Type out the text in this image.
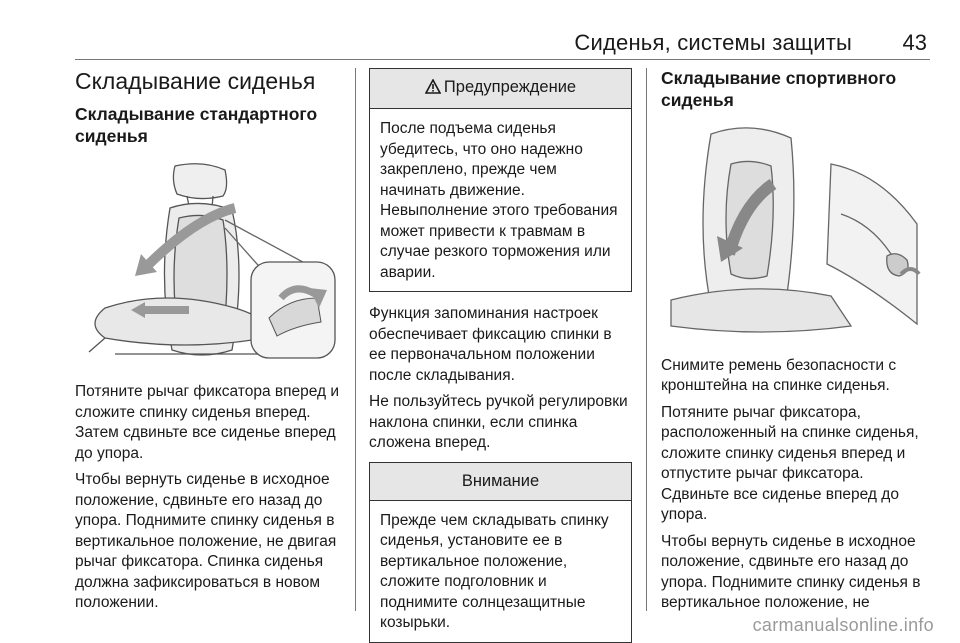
Сиденья, системы защиты 43
Складывание сиденья
Складывание стандартного сиденья

Потяните рычаг фиксатора вперед и сложите спинку сиденья вперед. Затем сдвиньте все сиденье вперед до упора.

Чтобы вернуть сиденье в исходное положение, сдвиньте его назад до упора. Поднимите спинку сиденья в вертикальное положение, не двигая рычаг фиксатора. Спинка сиденья должна зафиксироваться в новом положении.

Предупреждение
После подъема сиденья убедитесь, что оно надежно закреплено, прежде чем начинать движение. Невыполнение этого требования может привести к травмам в случае резкого торможения или аварии.

Функция запоминания настроек обеспечивает фиксацию спинки в ее первоначальном положении после складывания.

Не пользуйтесь ручкой регулировки наклона спинки, если спинка сложена вперед.

Внимание
Прежде чем складывать спинку сиденья, установите ее в вертикальное положение, сложите подголовник и поднимите солнцезащитные козырьки.
Складывание спортивного сиденья

Снимите ремень безопасности с кронштейна на спинке сиденья.

Потяните рычаг фиксатора, расположенный на спинке сиденья, сложите спинку сиденья вперед и отпустите рычаг фиксатора. Сдвиньте все сиденье вперед до упора.

Чтобы вернуть сиденье в исходное положение, сдвиньте его назад до упора. Поднимите спинку сиденья в вертикальное положение, не

carmanualsonline.info
